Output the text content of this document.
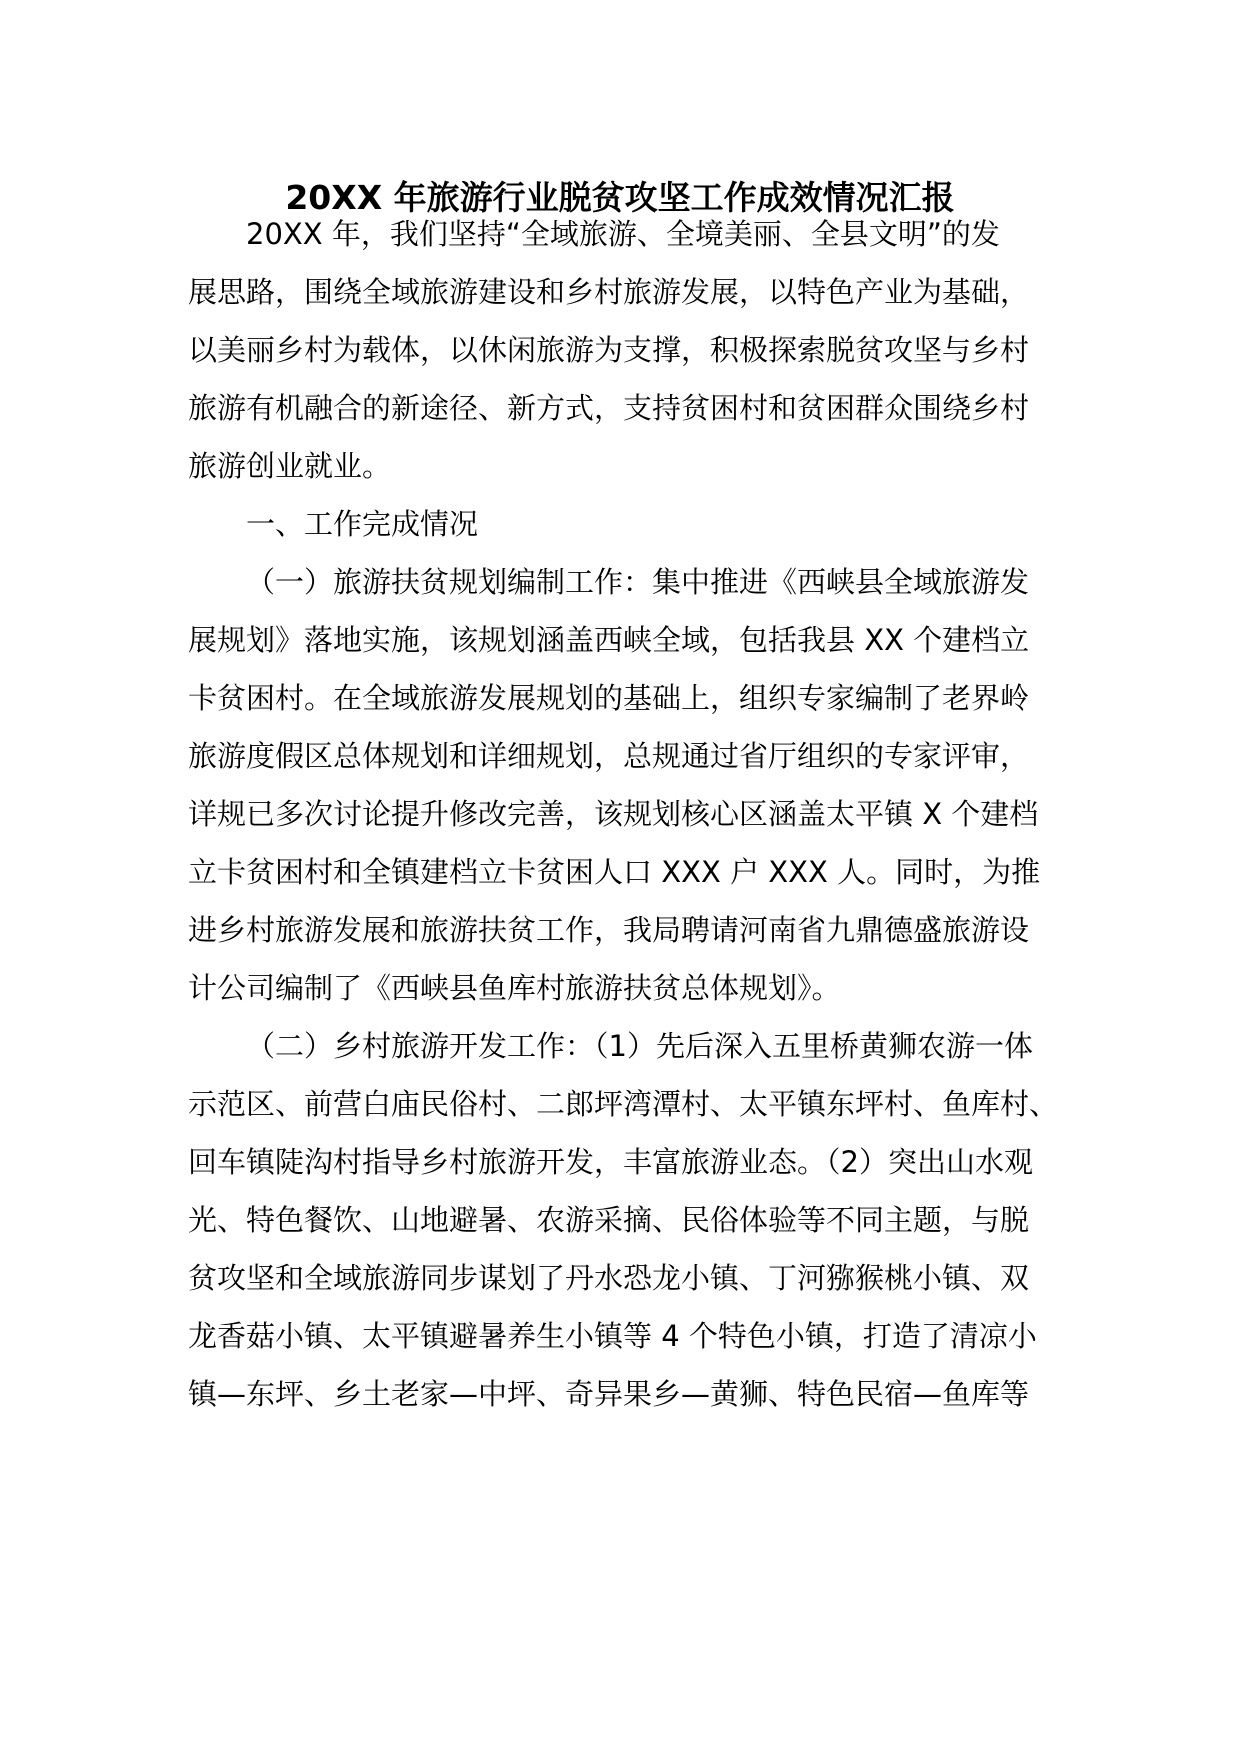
20XX 年旅游行业脱贫攻坚工作成效情况汇报
20XX 年，我们坚持“全域旅游、全境美丽、全县文明”的发
展思路，围绕全域旅游建设和乡村旅游发展，以特色产业为基础，
以美丽乡村为载体，以休闲旅游为支撑，积极探索脱贫攻坚与乡村
旅游有机融合的新途径、新方式，支持贫困村和贫困群众围绕乡村
旅游创业就业。
一、工作完成情况
（一）旅游扶贫规划编制工作：集中推进《西峡县全域旅游发
展规划》落地实施，该规划涵盖西峡全域，包括我县 XX 个建档立
卡贫困村。在全域旅游发展规划的基础上，组织专家编制了老界岭
旅游度假区总体规划和详细规划，总规通过省厅组织的专家评审，
详规已多次讨论提升修改完善，该规划核心区涵盖太平镇 X 个建档
立卡贫困村和全镇建档立卡贫困人口 XXX 户 XXX 人。同时，为推
进乡村旅游发展和旅游扶贫工作，我局聘请河南省九鼎德盛旅游设
计公司编制了《西峡县鱼库村旅游扶贫总体规划》。
（二）乡村旅游开发工作：（1）先后深入五里桥黄狮农游一体
示范区、前营白庙民俗村、二郎坪湾潭村、太平镇东坪村、鱼库村、
回车镇陡沟村指导乡村旅游开发，丰富旅游业态。（2）突出山水观
光、特色餐饮、山地避暑、农游采摘、民俗体验等不同主题，与脱
贫攻坚和全域旅游同步谋划了丹水恐龙小镇、丁河猕猴桃小镇、双
龙香菇小镇、太平镇避暑养生小镇等 4 个特色小镇，打造了清凉小
镇—东坪、乡土老家—中坪、奇异果乡—黄狮、特色民宿—鱼库等
